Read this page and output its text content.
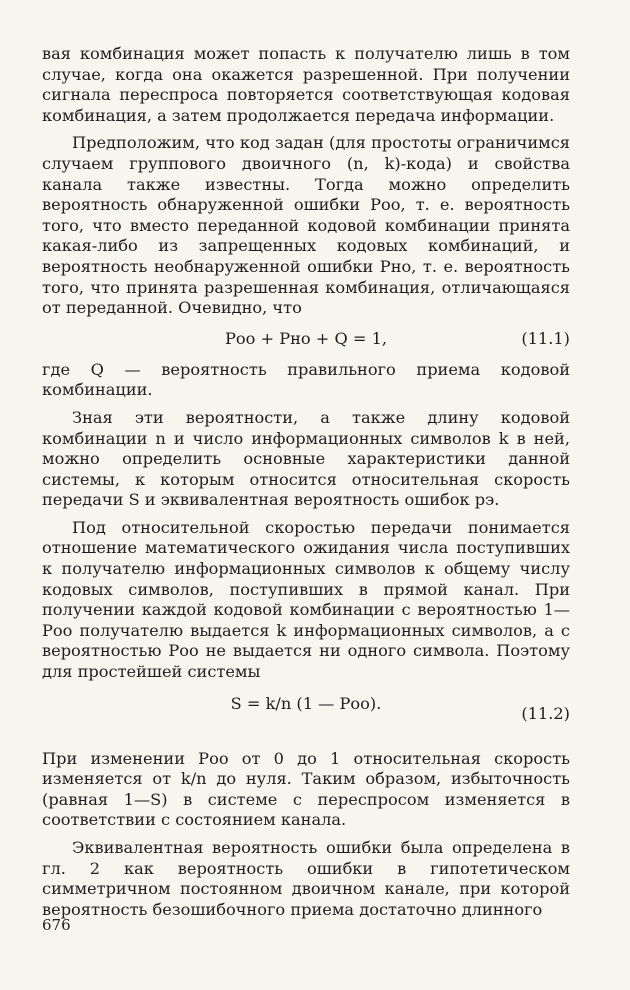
вая комбинация может попасть к получателю лишь в том случае, когда она окажется разрешенной. При получении сигнала переспроса повторяется соответствующая кодовая комбинация, а затем продолжается передача информации.

Предположим, что код задан (для простоты ограничимся случаем группового двоичного (n, k)-кода) и свойства канала также известны. Тогда можно определить вероятность обнаруженной ошибки Pоо, т. е. вероятность того, что вместо переданной кодовой комбинации принята какая-либо из запрещенных кодовых комбинаций, и вероятность необнаруженной ошибки Pно, т. е. вероятность того, что принята разрешенная комбинация, отличающаяся от переданной. Очевидно, что

Pоо + Pно + Q = 1,	(11.1)

где Q — вероятность правильного приема кодовой комбинации.

Зная эти вероятности, а также длину кодовой комбинации n и число информационных символов k в ней, можно определить основные характеристики данной системы, к которым относится относительная скорость передачи S и эквивалентная вероятность ошибок pэ.

Под относительной скоростью передачи понимается отношение математического ожидания числа поступивших к получателю информационных символов к общему числу кодовых символов, поступивших в прямой канал. При получении каждой кодовой комбинации с вероятностью 1—Pоо получателю выдается k информационных символов, а с вероятностью Pоо не выдается ни одного символа. Поэтому для простейшей системы

S = k/n (1 — Pоо).
(11.2)

При изменении Pоо от 0 до 1 относительная скорость изменяется от k/n до нуля. Таким образом, избыточность (равная 1—S) в системе с переспросом изменяется в соответствии с состоянием канала.

Эквивалентная вероятность ошибки была определена в гл. 2 как вероятность ошибки в гипотетическом симметричном постоянном двоичном канале, при которой вероятность безошибочного приема достаточно длинного

676
